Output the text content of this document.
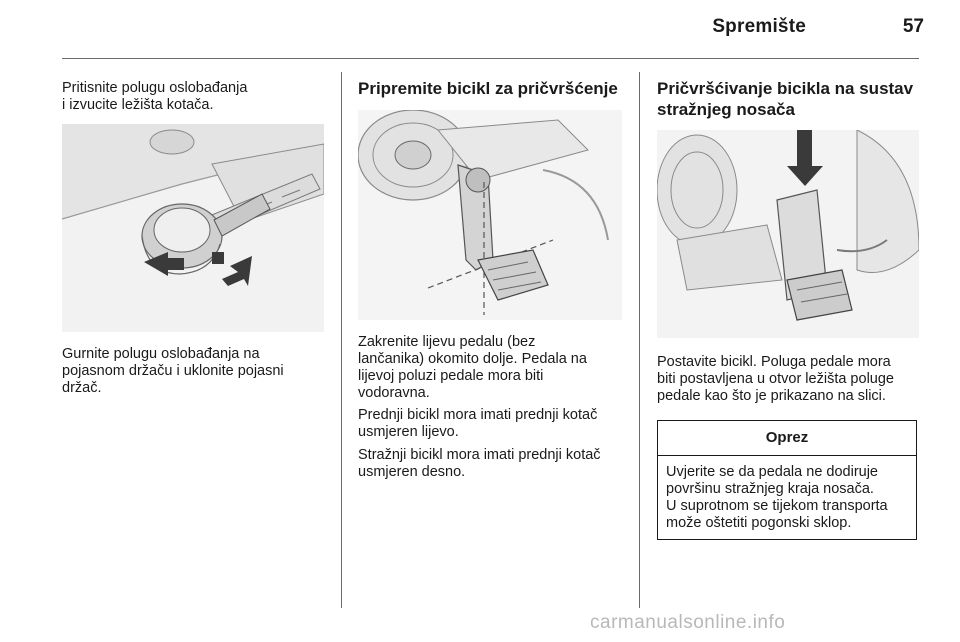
Spremište	57

Pritisnite polugu oslobađanja
i izvucite ležišta kotača.

Gurnite polugu oslobađanja na
pojasnom držaču i uklonite pojasni
držač.

Pripremite bicikl za pričvršćenje

Zakrenite lijevu pedalu (bez
lančanika) okomito dolje. Pedala na
lijevoj poluzi pedale mora biti
vodoravna.

Prednji bicikl mora imati prednji kotač
usmjeren lijevo.

Stražnji bicikl mora imati prednji kotač
usmjeren desno.

Pričvršćivanje bicikla na sustav
stražnjeg nosača

Postavite bicikl. Poluga pedale mora
biti postavljena u otvor ležišta poluge
pedale kao što je prikazano na slici.

Oprez
Uvjerite se da pedala ne dodiruje
površinu stražnjeg kraja nosača.
U suprotnom se tijekom transporta
može oštetiti pogonski sklop.
carmanualsonline.info
